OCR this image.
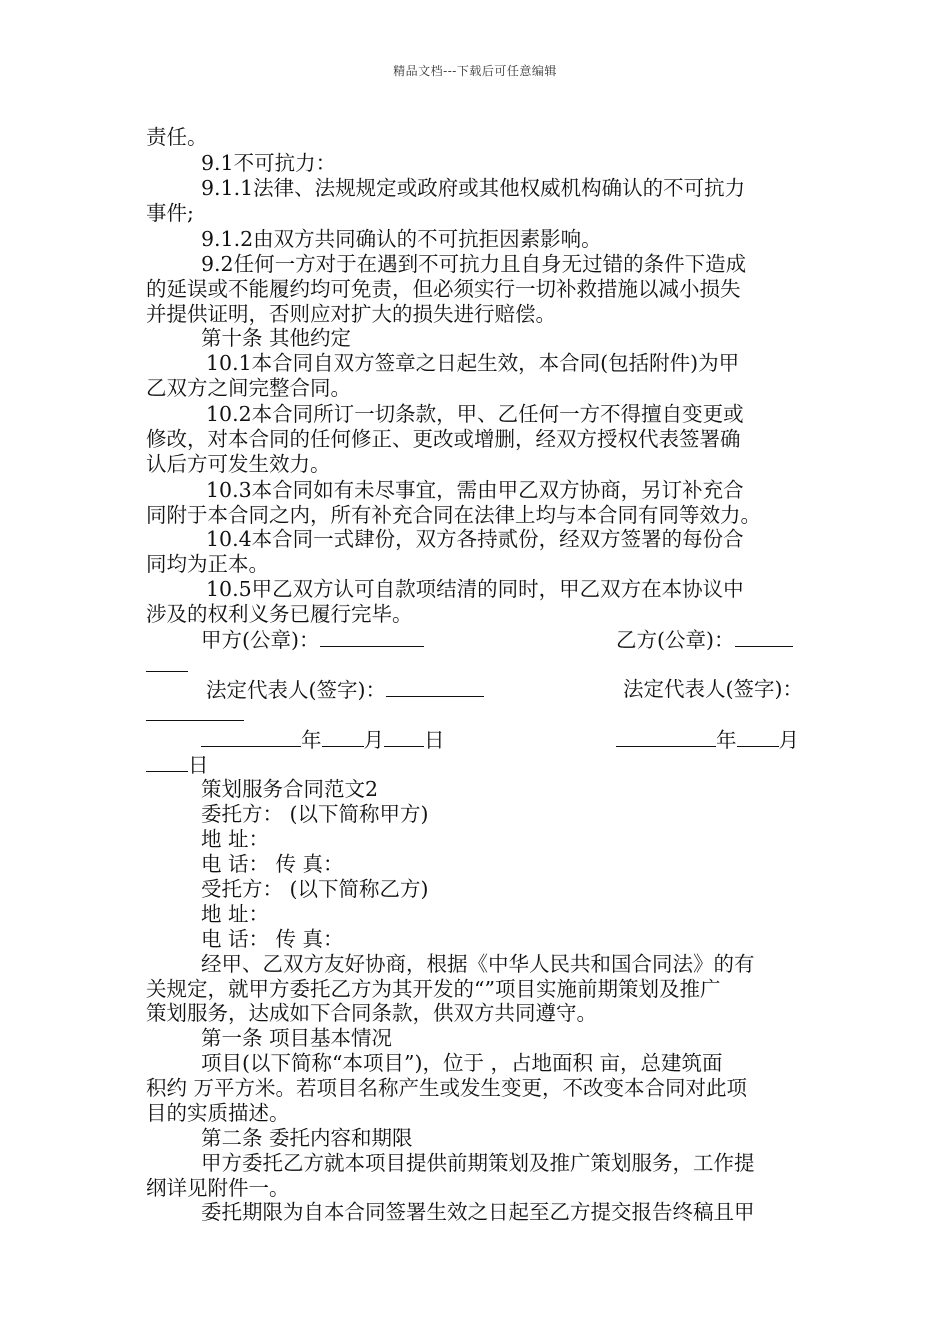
精品文档---下载后可任意编辑
责任。
9.1不可抗力：
9.1.1法律、法规规定或政府或其他权威机构确认的不可抗力
事件;
9.1.2由双方共同确认的不可抗拒因素影响。
9.2任何一方对于在遇到不可抗力且自身无过错的条件下造成
的延误或不能履约均可免责，但必须实行一切补救措施以减小损失
并提供证明，否则应对扩大的损失进行赔偿。
第十条 其他约定
10.1本合同自双方签章之日起生效，本合同(包括附件)为甲
乙双方之间完整合同。
10.2本合同所订一切条款，甲、乙任何一方不得擅自变更或
修改，对本合同的任何修正、更改或增删，经双方授权代表签署确
认后方可发生效力。
10.3本合同如有未尽事宜，需由甲乙双方协商，另订补充合
同附于本合同之内，所有补充合同在法律上均与本合同有同等效力。
10.4本合同一式肆份，双方各持贰份，经双方签署的每份合
同均为正本。
10.5甲乙双方认可自款项结清的同时，甲乙双方在本协议中
涉及的权利义务已履行完毕。
甲方(公章)：	乙方(公章)：
法定代表人(签字)：	法定代表人(签字)：
年 月 日	年 月
日
策划服务合同范文2
委托方： (以下简称甲方)
地 址：
电 话： 传 真：
受托方： (以下简称乙方)
地 址：
电 话： 传 真：
经甲、乙双方友好协商，根据《中华人民共和国合同法》的有
关规定，就甲方委托乙方为其开发的“”项目实施前期策划及推广
策划服务，达成如下合同条款，供双方共同遵守。
第一条 项目基本情况
项目(以下简称“本项目”)，位于 ，占地面积 亩，总建筑面
积约 万平方米。若项目名称产生或发生变更，不改变本合同对此项
目的实质描述。
第二条 委托内容和期限
甲方委托乙方就本项目提供前期策划及推广策划服务，工作提
纲详见附件一。
委托期限为自本合同签署生效之日起至乙方提交报告终稿且甲
